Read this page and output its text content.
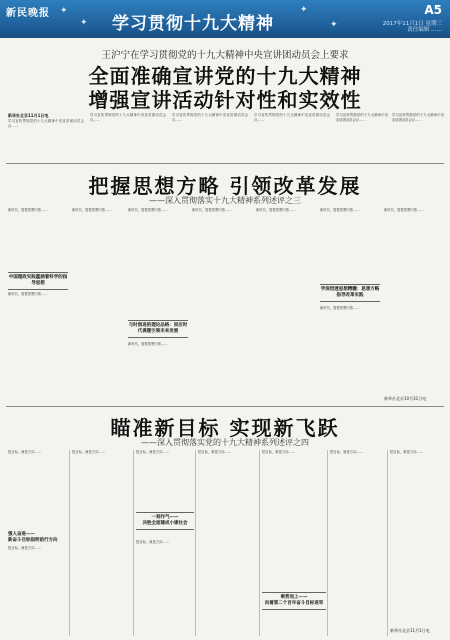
新民晚报 ✦
✦ 学习贯彻十九大精神
✦
✦
A5
2017年11月1日 星期三
责任编辑 ……
王沪宁在学习贯彻党的十九大精神中央宣讲团动员会上要求
全面准确宣讲党的十九大精神
增强宣讲活动针对性和实效性
新华社北京11月1日电
学习宣传贯彻党的十九大精神中央宣讲团动员会议……
学习宣传贯彻党的十九大精神中央宣讲团动员会议……
学习宣传贯彻党的十九大精神中央宣讲团动员会议……
学习宣传贯彻党的十九大精神中央宣讲团动员会议……
学习宣传贯彻党的十九大精神中央宣讲团动员会议……
学习宣传贯彻党的十九大精神中央宣讲团动员会议……
把握思想方略 引领改革发展
——深入贯彻落实十九大精神系列述评之三
新时代，需要思想引领……
中国理政实践蕴涵着科学的指导思想
新时代，需要思想引领……
新时代，需要思想引领……	新时代，需要思想引领……
与时俱进的理论品格：回应时代课题引领未来发展
新时代，需要思想引领……
新时代，需要思想引领……	新时代，需要思想引领……	新时代，需要思想引领……
学深悟透思想精髓：思想方略指导改革实践
新时代，需要思想引领……
新时代，需要思想引领……
新华社北京10月31日电
瞄准新目标 实现新飞跃
——深入贯彻落实党的十九大精神系列述评之四
把目标，就是方向……
强人奋进——
新奋斗目标指明前行方向
把目标，就是方向……
把目标，就是方向……	把目标，就是方向……
一刻作气——
决胜全面建成小康社会
把目标，就是方向……
把目标，就是方向……	把目标，就是方向……
乘势而上——
向着第二个百年奋斗目标进军
把目标，就是方向……	把目标，就是方向……
新华社北京11月1日电
